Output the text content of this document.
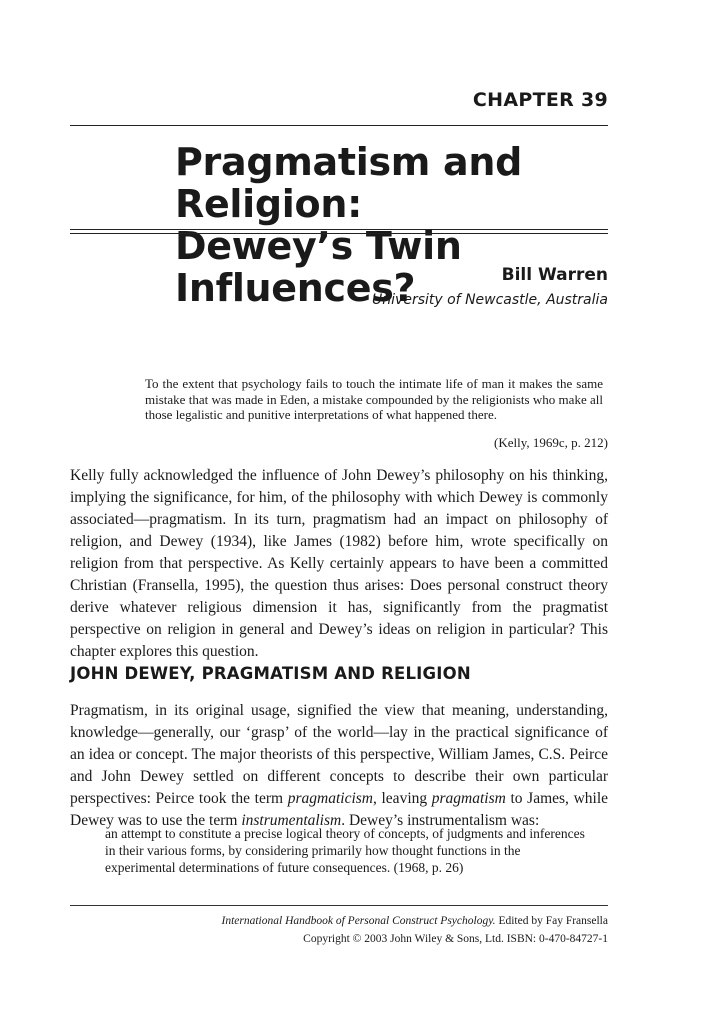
CHAPTER 39
Pragmatism and Religion:
Dewey’s Twin Influences?	Bill Warren
University of Newcastle, Australia

To the extent that psychology fails to touch the intimate life of man it makes the same mistake that was made in Eden, a mistake compounded by the religionists who make all those legalistic and punitive interpretations of what happened there.

(Kelly, 1969c, p. 212)

Kelly fully acknowledged the influence of John Dewey’s philosophy on his thinking, implying the significance, for him, of the philosophy with which Dewey is commonly associated—pragmatism. In its turn, pragmatism had an impact on philosophy of religion, and Dewey (1934), like James (1982) before him, wrote specifically on religion from that perspective. As Kelly certainly appears to have been a committed Christian (Fransella, 1995), the question thus arises: Does personal construct theory derive whatever religious dimension it has, significantly from the pragmatist perspective on religion in general and Dewey’s ideas on religion in particular? This chapter explores this question.

JOHN DEWEY, PRAGMATISM AND RELIGION

Pragmatism, in its original usage, signified the view that meaning, understanding, knowledge—generally, our ‘grasp’ of the world—lay in the practical significance of an idea or concept. The major theorists of this perspective, William James, C.S. Peirce and John Dewey settled on different concepts to describe their own particular perspectives: Peirce took the term pragmaticism, leaving pragmatism to James, while Dewey was to use the term instrumentalism. Dewey’s instrumentalism was:

an attempt to constitute a precise logical theory of concepts, of judgments and inferences in their various forms, by considering primarily how thought functions in the experimental determinations of future consequences. (1968, p. 26)

International Handbook of Personal Construct Psychology. Edited by Fay Fransella
Copyright © 2003 John Wiley & Sons, Ltd. ISBN: 0-470-84727-1
